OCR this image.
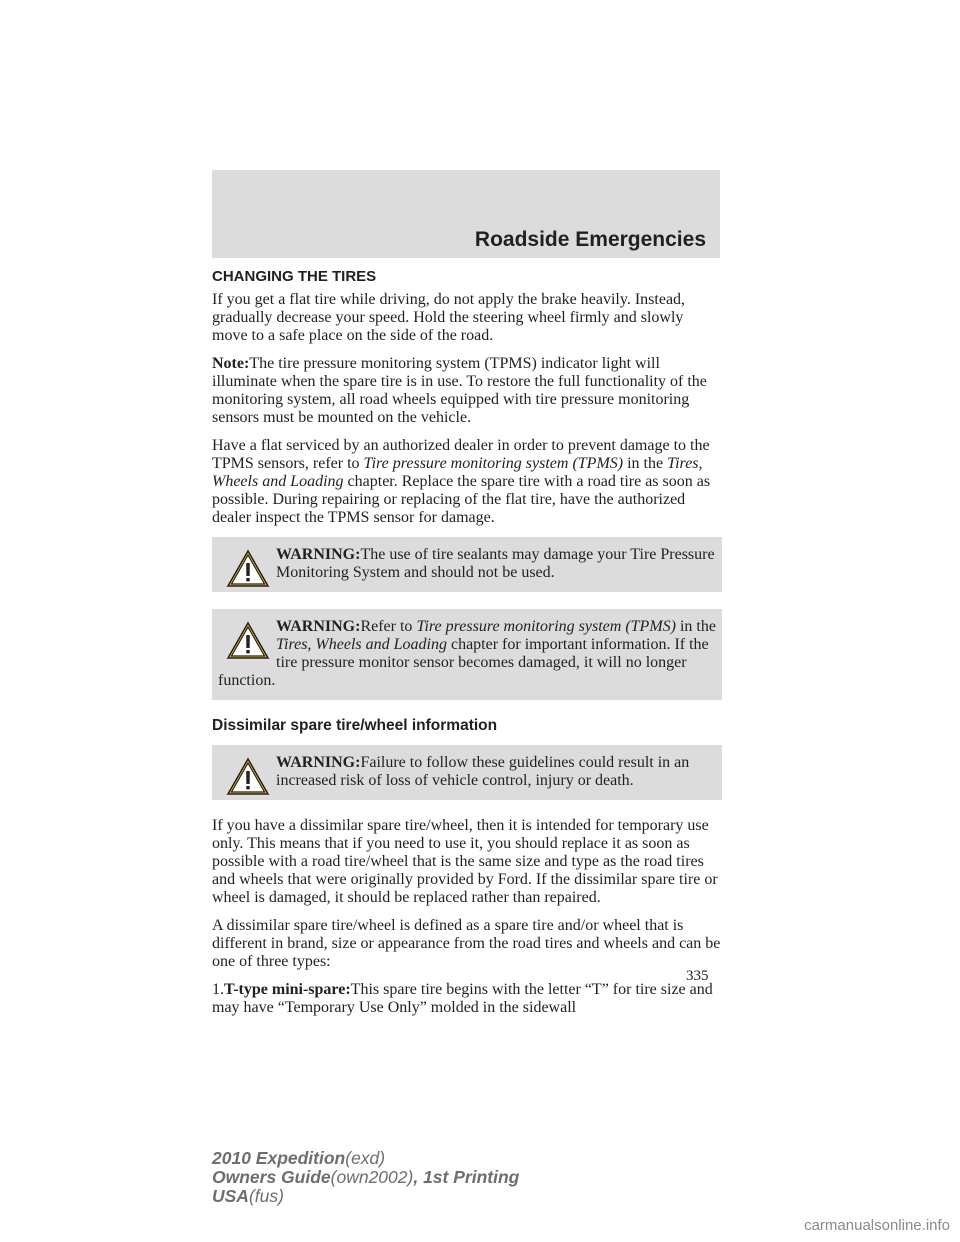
Roadside Emergencies
CHANGING THE TIRES

If you get a flat tire while driving, do not apply the brake heavily. Instead, gradually decrease your speed. Hold the steering wheel firmly and slowly move to a safe place on the side of the road.

Note:The tire pressure monitoring system (TPMS) indicator light will illuminate when the spare tire is in use. To restore the full functionality of the monitoring system, all road wheels equipped with tire pressure monitoring sensors must be mounted on the vehicle.

Have a flat serviced by an authorized dealer in order to prevent damage to the TPMS sensors, refer to Tire pressure monitoring system (TPMS) in the Tires, Wheels and Loading chapter. Replace the spare tire with a road tire as soon as possible. During repairing or replacing of the flat tire, have the authorized dealer inspect the TPMS sensor for damage.

WARNING:The use of tire sealants may damage your Tire Pressure Monitoring System and should not be used.
WARNING:Refer to Tire pressure monitoring system (TPMS) in the Tires, Wheels and Loading chapter for important information. If the tire pressure monitor sensor becomes damaged, it will no longer function.
Dissimilar spare tire/wheel information
WARNING:Failure to follow these guidelines could result in an increased risk of loss of vehicle control, injury or death.

If you have a dissimilar spare tire/wheel, then it is intended for temporary use only. This means that if you need to use it, you should replace it as soon as possible with a road tire/wheel that is the same size and type as the road tires and wheels that were originally provided by Ford. If the dissimilar spare tire or wheel is damaged, it should be replaced rather than repaired.

A dissimilar spare tire/wheel is defined as a spare tire and/or wheel that is different in brand, size or appearance from the road tires and wheels and can be one of three types:

1.T-type mini-spare:This spare tire begins with the letter “T” for tire size and may have “Temporary Use Only” molded in the sidewall

335
2010 Expedition(exd)
Owners Guide(own2002), 1st Printing
USA(fus)
carmanualsonline.info
